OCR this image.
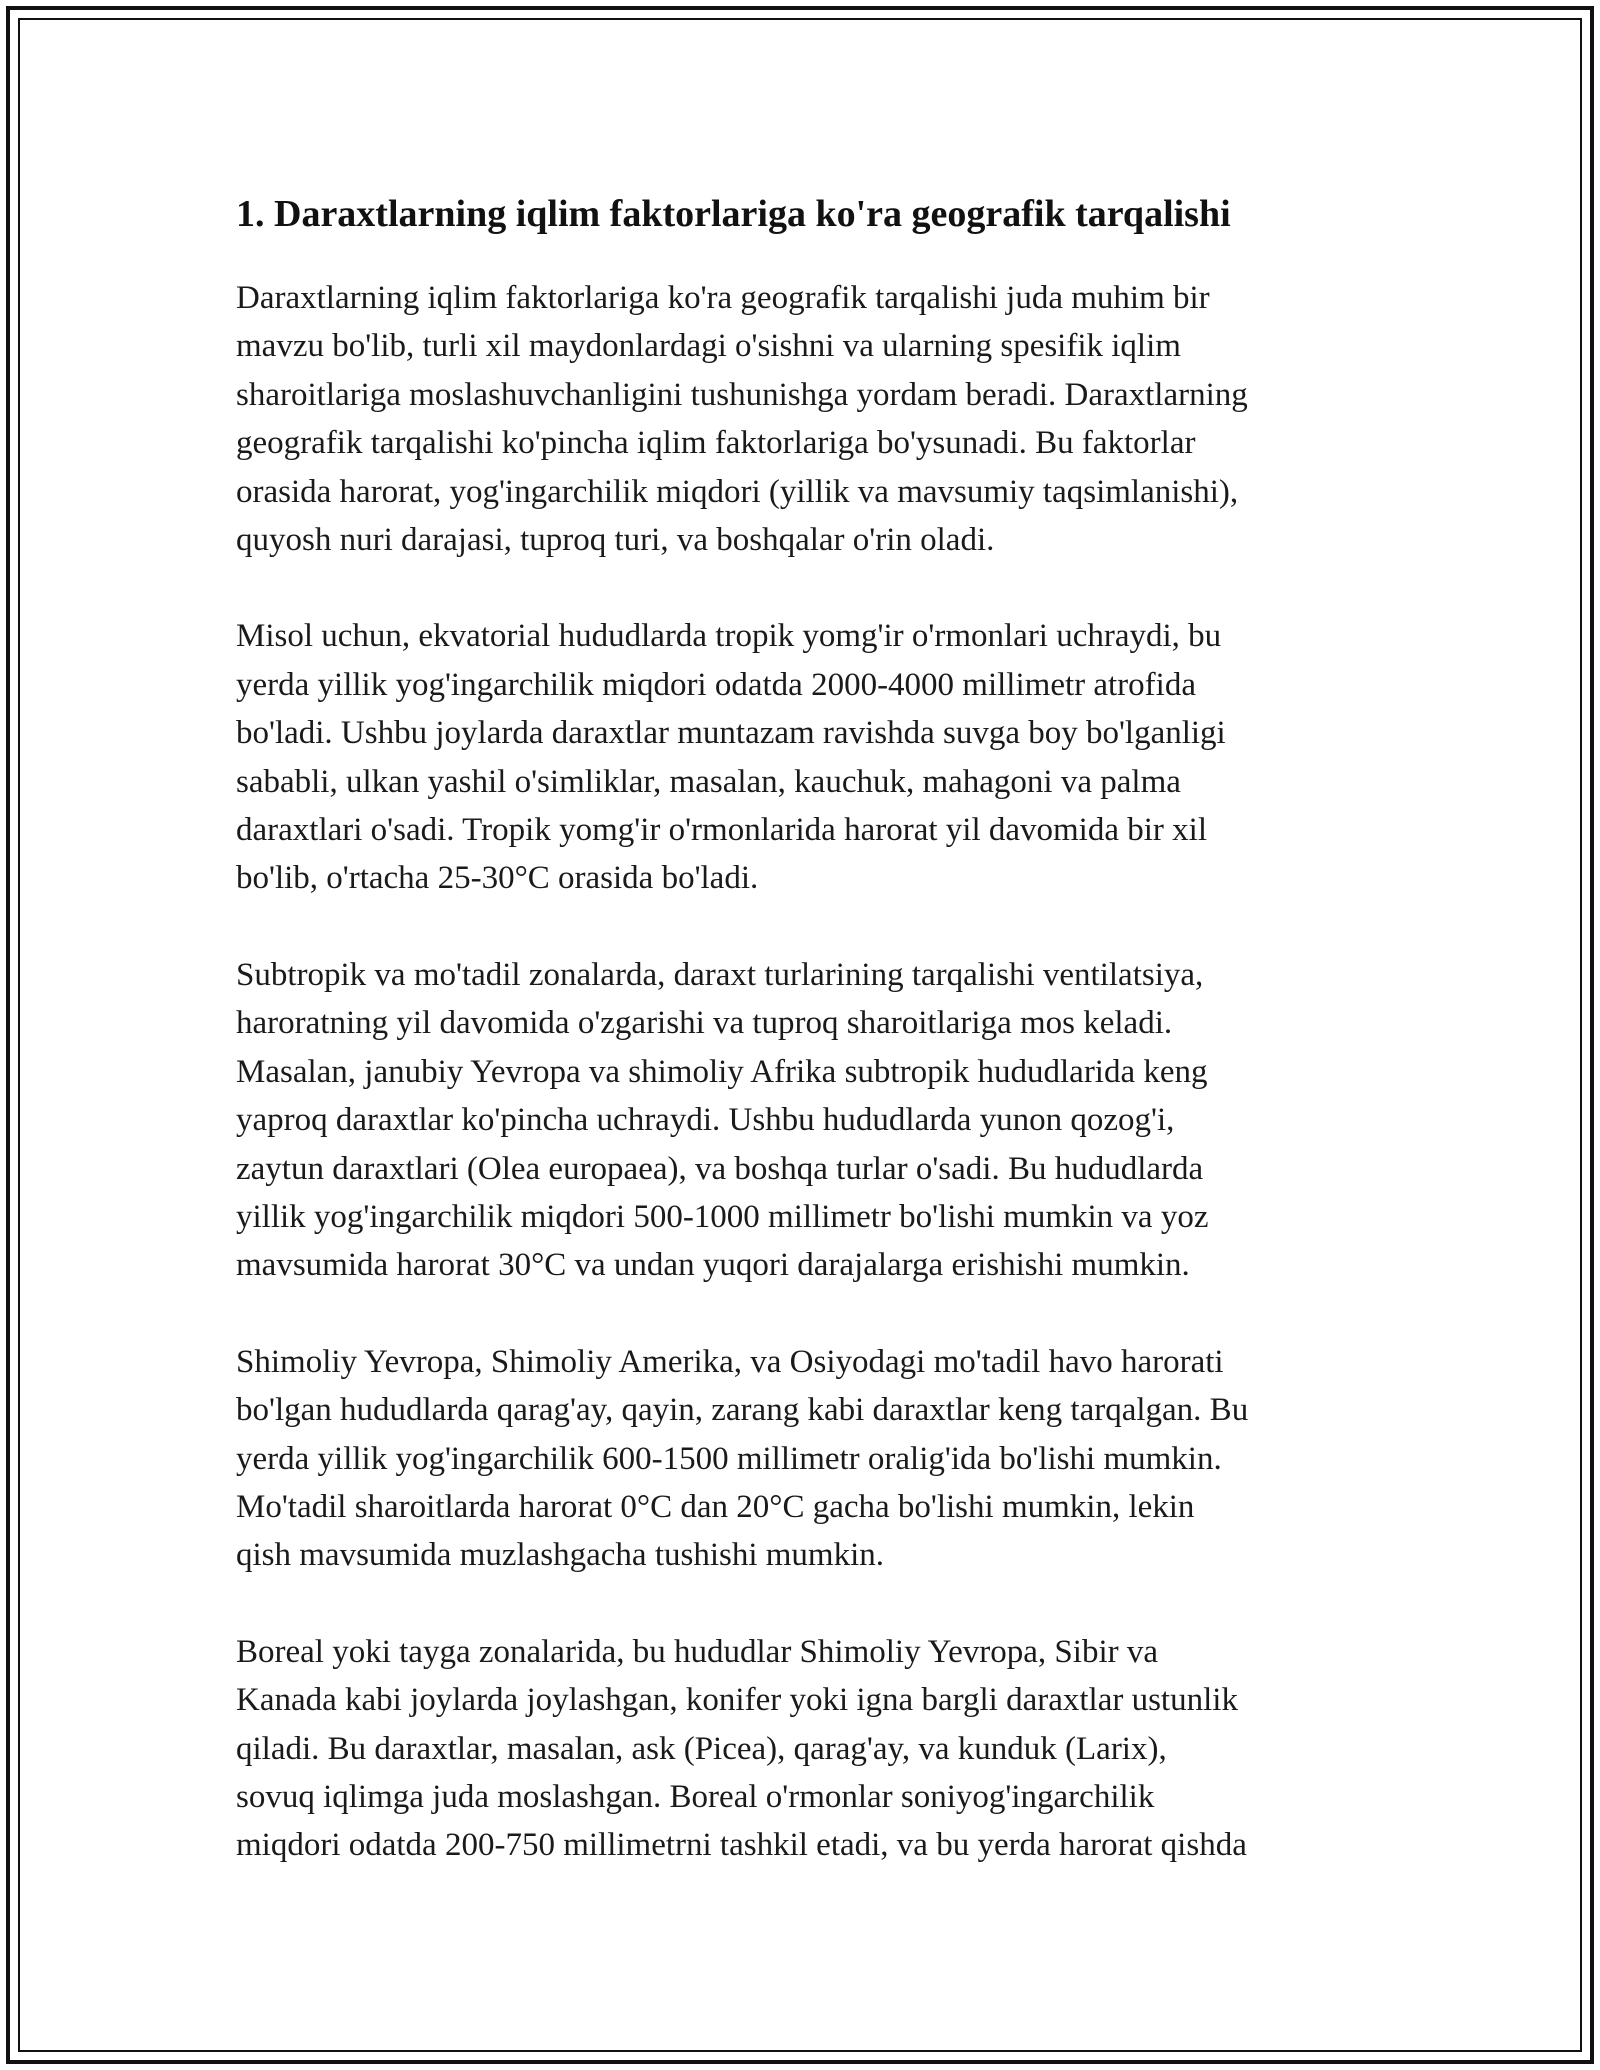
1. Daraxtlarning iqlim faktorlariga ko'ra geografik tarqalishi
Daraxtlarning iqlim faktorlariga ko'ra geografik tarqalishi juda muhim bir
mavzu bo'lib, turli xil maydonlardagi o'sishni va ularning spesifik iqlim
sharoitlariga moslashuvchanligini tushunishga yordam beradi. Daraxtlarning
geografik tarqalishi ko'pincha iqlim faktorlariga bo'ysunadi. Bu faktorlar
orasida harorat, yog'ingarchilik miqdori (yillik va mavsumiy taqsimlanishi),
quyosh nuri darajasi, tuproq turi, va boshqalar o'rin oladi.
Misol uchun, ekvatorial hududlarda tropik yomg'ir o'rmonlari uchraydi, bu
yerda yillik yog'ingarchilik miqdori odatda 2000-4000 millimetr atrofida
bo'ladi. Ushbu joylarda daraxtlar muntazam ravishda suvga boy bo'lganligi
sababli, ulkan yashil o'simliklar, masalan, kauchuk, mahagoni va palma
daraxtlari o'sadi. Tropik yomg'ir o'rmonlarida harorat yil davomida bir xil
bo'lib, o'rtacha 25-30°C orasida bo'ladi.
Subtropik va mo'tadil zonalarda, daraxt turlarining tarqalishi ventilatsiya,
haroratning yil davomida o'zgarishi va tuproq sharoitlariga mos keladi.
Masalan, janubiy Yevropa va shimoliy Afrika subtropik hududlarida keng
yaproq daraxtlar ko'pincha uchraydi. Ushbu hududlarda yunon qozog'i,
zaytun daraxtlari (Olea europaea), va boshqa turlar o'sadi. Bu hududlarda
yillik yog'ingarchilik miqdori 500-1000 millimetr bo'lishi mumkin va yoz
mavsumida harorat 30°C va undan yuqori darajalarga erishishi mumkin.
Shimoliy Yevropa, Shimoliy Amerika, va Osiyodagi mo'tadil havo harorati
bo'lgan hududlarda qarag'ay, qayin, zarang kabi daraxtlar keng tarqalgan. Bu
yerda yillik yog'ingarchilik 600-1500 millimetr oralig'ida bo'lishi mumkin.
Mo'tadil sharoitlarda harorat 0°C dan 20°C gacha bo'lishi mumkin, lekin
qish mavsumida muzlashgacha tushishi mumkin.
Boreal yoki tayga zonalarida, bu hududlar Shimoliy Yevropa, Sibir va
Kanada kabi joylarda joylashgan, konifer yoki igna bargli daraxtlar ustunlik
qiladi. Bu daraxtlar, masalan, ask (Picea), qarag'ay, va kunduk (Larix),
sovuq iqlimga juda moslashgan. Boreal o'rmonlar soniyog'ingarchilik
miqdori odatda 200-750 millimetrni tashkil etadi, va bu yerda harorat qishda
